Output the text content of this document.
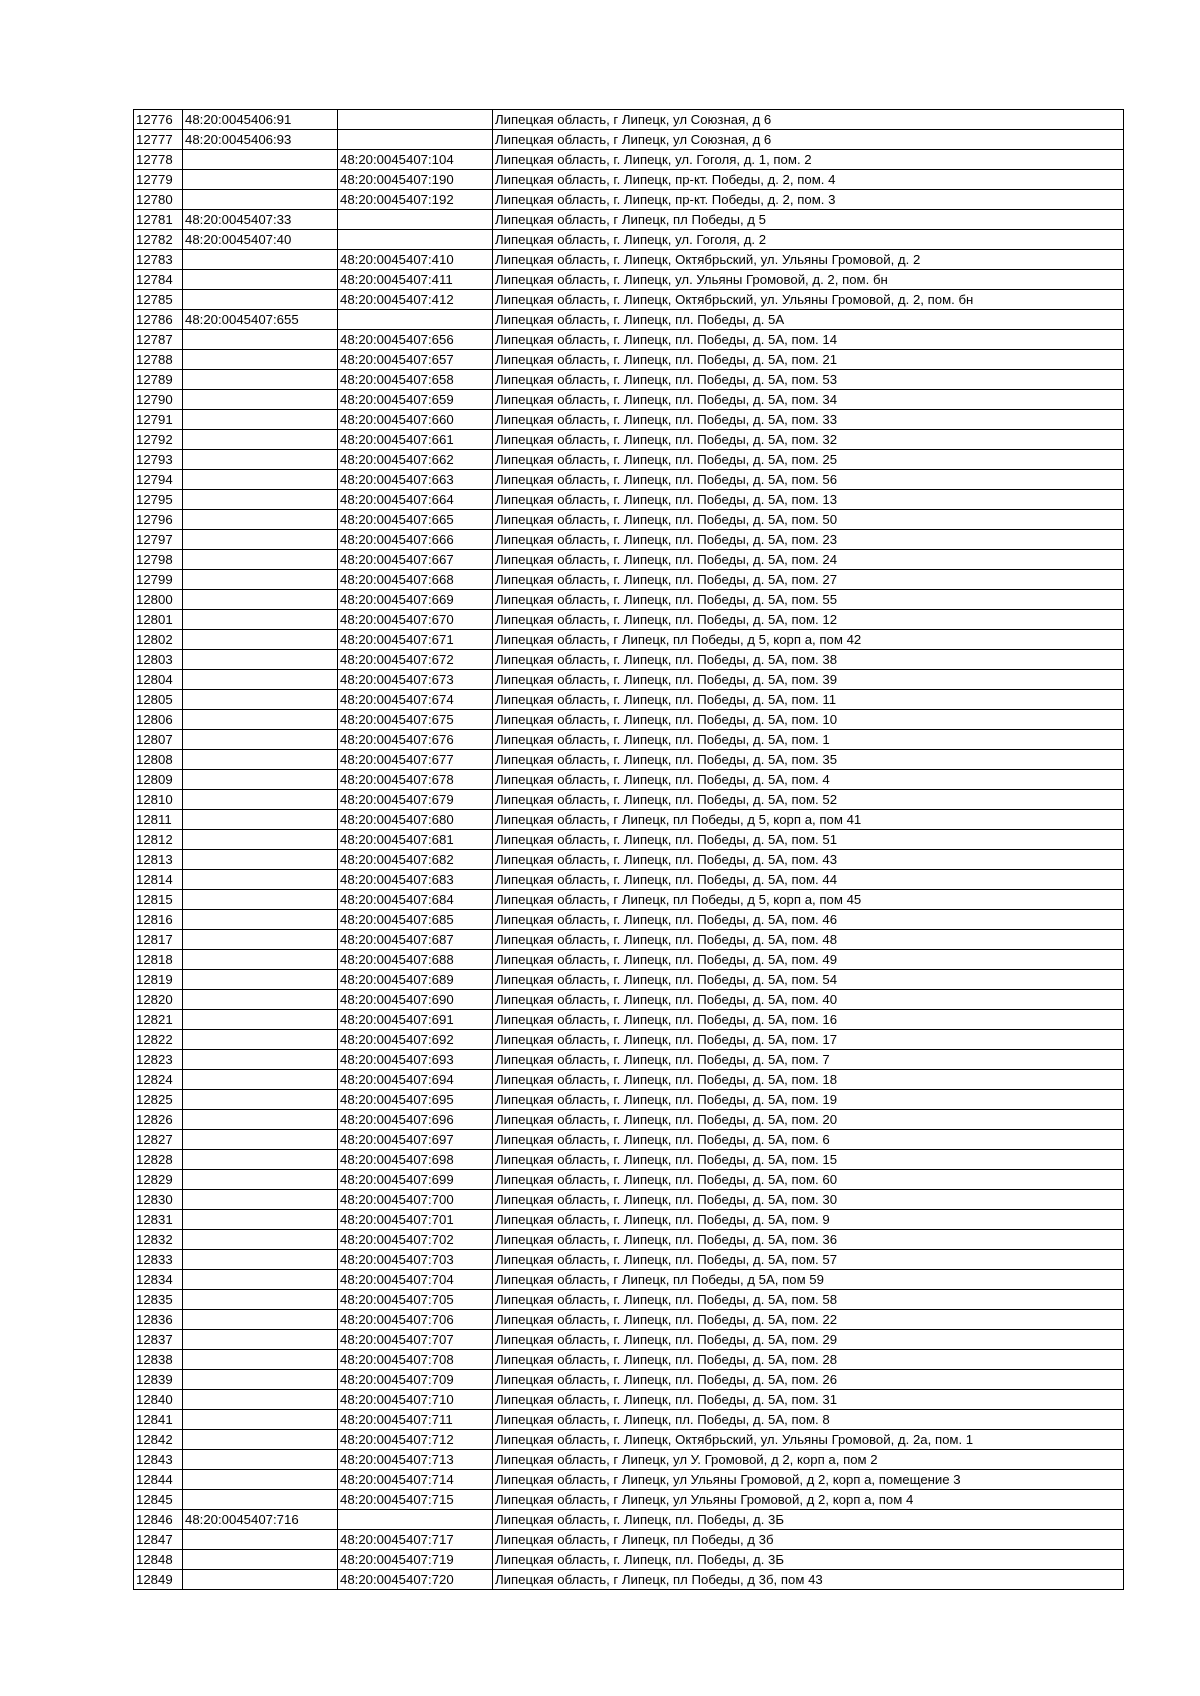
12776	48:20:0045406:91		Липецкая область, г Липецк, ул Союзная, д 6
12777	48:20:0045406:93		Липецкая область, г Липецк, ул Союзная, д 6
12778		48:20:0045407:104	Липецкая область, г. Липецк, ул. Гоголя, д. 1, пом. 2
12779		48:20:0045407:190	Липецкая область, г. Липецк, пр-кт. Победы, д. 2, пом. 4
12780		48:20:0045407:192	Липецкая область, г. Липецк, пр-кт. Победы, д. 2, пом. 3
12781	48:20:0045407:33		Липецкая область, г Липецк, пл Победы, д 5
12782	48:20:0045407:40		Липецкая область, г. Липецк, ул. Гоголя, д. 2
12783		48:20:0045407:410	Липецкая область, г. Липецк, Октябрьский, ул. Ульяны Громовой, д. 2
12784		48:20:0045407:411	Липецкая область, г. Липецк, ул. Ульяны Громовой, д. 2, пом. бн
12785		48:20:0045407:412	Липецкая область, г. Липецк, Октябрьский, ул. Ульяны Громовой, д. 2, пом. бн
12786	48:20:0045407:655		Липецкая область, г. Липецк, пл. Победы, д. 5А
12787		48:20:0045407:656	Липецкая область, г. Липецк, пл. Победы, д. 5А, пом. 14
12788		48:20:0045407:657	Липецкая область, г. Липецк, пл. Победы, д. 5А, пом. 21
12789		48:20:0045407:658	Липецкая область, г. Липецк, пл. Победы, д. 5А, пом. 53
12790		48:20:0045407:659	Липецкая область, г. Липецк, пл. Победы, д. 5А, пом. 34
12791		48:20:0045407:660	Липецкая область, г. Липецк, пл. Победы, д. 5А, пом. 33
12792		48:20:0045407:661	Липецкая область, г. Липецк, пл. Победы, д. 5А, пом. 32
12793		48:20:0045407:662	Липецкая область, г. Липецк, пл. Победы, д. 5А, пом. 25
12794		48:20:0045407:663	Липецкая область, г. Липецк, пл. Победы, д. 5А, пом. 56
12795		48:20:0045407:664	Липецкая область, г. Липецк, пл. Победы, д. 5А, пом. 13
12796		48:20:0045407:665	Липецкая область, г. Липецк, пл. Победы, д. 5А, пом. 50
12797		48:20:0045407:666	Липецкая область, г. Липецк, пл. Победы, д. 5А, пом. 23
12798		48:20:0045407:667	Липецкая область, г. Липецк, пл. Победы, д. 5А, пом. 24
12799		48:20:0045407:668	Липецкая область, г. Липецк, пл. Победы, д. 5А, пом. 27
12800		48:20:0045407:669	Липецкая область, г. Липецк, пл. Победы, д. 5А, пом. 55
12801		48:20:0045407:670	Липецкая область, г. Липецк, пл. Победы, д. 5А, пом. 12
12802		48:20:0045407:671	Липецкая область, г Липецк, пл Победы, д 5, корп а, пом 42
12803		48:20:0045407:672	Липецкая область, г. Липецк, пл. Победы, д. 5А, пом. 38
12804		48:20:0045407:673	Липецкая область, г. Липецк, пл. Победы, д. 5А, пом. 39
12805		48:20:0045407:674	Липецкая область, г. Липецк, пл. Победы, д. 5А, пом. 11
12806		48:20:0045407:675	Липецкая область, г. Липецк, пл. Победы, д. 5А, пом. 10
12807		48:20:0045407:676	Липецкая область, г. Липецк, пл. Победы, д. 5А, пом. 1
12808		48:20:0045407:677	Липецкая область, г. Липецк, пл. Победы, д. 5А, пом. 35
12809		48:20:0045407:678	Липецкая область, г. Липецк, пл. Победы, д. 5А, пом. 4
12810		48:20:0045407:679	Липецкая область, г. Липецк, пл. Победы, д. 5А, пом. 52
12811		48:20:0045407:680	Липецкая область, г Липецк, пл Победы, д 5, корп а, пом 41
12812		48:20:0045407:681	Липецкая область, г. Липецк, пл. Победы, д. 5А, пом. 51
12813		48:20:0045407:682	Липецкая область, г. Липецк, пл. Победы, д. 5А, пом. 43
12814		48:20:0045407:683	Липецкая область, г. Липецк, пл. Победы, д. 5А, пом. 44
12815		48:20:0045407:684	Липецкая область, г Липецк, пл Победы, д 5, корп а, пом 45
12816		48:20:0045407:685	Липецкая область, г. Липецк, пл. Победы, д. 5А, пом. 46
12817		48:20:0045407:687	Липецкая область, г. Липецк, пл. Победы, д. 5А, пом. 48
12818		48:20:0045407:688	Липецкая область, г. Липецк, пл. Победы, д. 5А, пом. 49
12819		48:20:0045407:689	Липецкая область, г. Липецк, пл. Победы, д. 5А, пом. 54
12820		48:20:0045407:690	Липецкая область, г. Липецк, пл. Победы, д. 5А, пом. 40
12821		48:20:0045407:691	Липецкая область, г. Липецк, пл. Победы, д. 5А, пом. 16
12822		48:20:0045407:692	Липецкая область, г. Липецк, пл. Победы, д. 5А, пом. 17
12823		48:20:0045407:693	Липецкая область, г. Липецк, пл. Победы, д. 5А, пом. 7
12824		48:20:0045407:694	Липецкая область, г. Липецк, пл. Победы, д. 5А, пом. 18
12825		48:20:0045407:695	Липецкая область, г. Липецк, пл. Победы, д. 5А, пом. 19
12826		48:20:0045407:696	Липецкая область, г. Липецк, пл. Победы, д. 5А, пом. 20
12827		48:20:0045407:697	Липецкая область, г. Липецк, пл. Победы, д. 5А, пом. 6
12828		48:20:0045407:698	Липецкая область, г. Липецк, пл. Победы, д. 5А, пом. 15
12829		48:20:0045407:699	Липецкая область, г. Липецк, пл. Победы, д. 5А, пом. 60
12830		48:20:0045407:700	Липецкая область, г. Липецк, пл. Победы, д. 5А, пом. 30
12831		48:20:0045407:701	Липецкая область, г. Липецк, пл. Победы, д. 5А, пом. 9
12832		48:20:0045407:702	Липецкая область, г. Липецк, пл. Победы, д. 5А, пом. 36
12833		48:20:0045407:703	Липецкая область, г. Липецк, пл. Победы, д. 5А, пом. 57
12834		48:20:0045407:704	Липецкая область, г Липецк, пл Победы, д 5А, пом 59
12835		48:20:0045407:705	Липецкая область, г. Липецк, пл. Победы, д. 5А, пом. 58
12836		48:20:0045407:706	Липецкая область, г. Липецк, пл. Победы, д. 5А, пом. 22
12837		48:20:0045407:707	Липецкая область, г. Липецк, пл. Победы, д. 5А, пом. 29
12838		48:20:0045407:708	Липецкая область, г. Липецк, пл. Победы, д. 5А, пом. 28
12839		48:20:0045407:709	Липецкая область, г. Липецк, пл. Победы, д. 5А, пом. 26
12840		48:20:0045407:710	Липецкая область, г. Липецк, пл. Победы, д. 5А, пом. 31
12841		48:20:0045407:711	Липецкая область, г. Липецк, пл. Победы, д. 5А, пом. 8
12842		48:20:0045407:712	Липецкая область, г. Липецк, Октябрьский, ул. Ульяны Громовой, д. 2а, пом. 1
12843		48:20:0045407:713	Липецкая область, г Липецк, ул У. Громовой, д 2, корп а, пом 2
12844		48:20:0045407:714	Липецкая область, г Липецк, ул Ульяны Громовой, д 2, корп а, помещение 3
12845		48:20:0045407:715	Липецкая область, г Липецк, ул Ульяны Громовой, д 2, корп а, пом 4
12846	48:20:0045407:716		Липецкая область, г. Липецк, пл. Победы, д. 3Б
12847		48:20:0045407:717	Липецкая область, г Липецк, пл Победы, д 3б
12848		48:20:0045407:719	Липецкая область, г. Липецк, пл. Победы, д. 3Б
12849		48:20:0045407:720	Липецкая область, г Липецк, пл Победы, д 3б, пом 43
